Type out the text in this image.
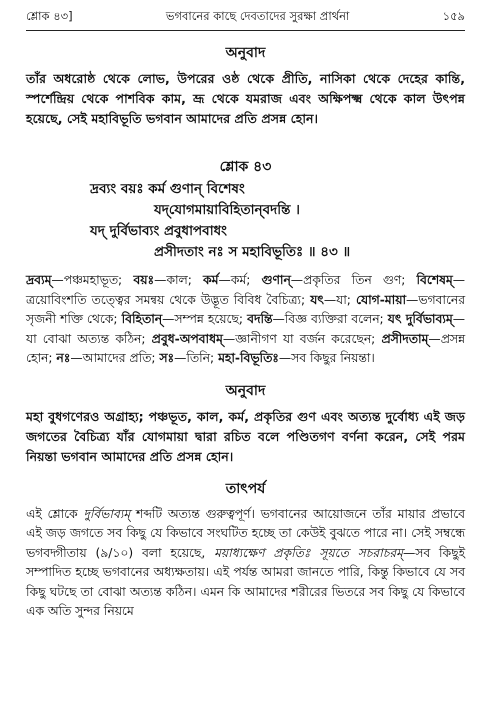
শ্লোক ৪৩]	ভগবানের কাছে দেবতাদের সুরক্ষা প্রার্থনা	১৫৯
অনুবাদ

তাঁর অধরোষ্ঠ থেকে লোভ, উপরের ওষ্ঠ থেকে প্রীতি, নাসিকা থেকে দেহের কান্তি, স্পর্শেন্দ্রিয় থেকে পাশবিক কাম, ভ্রূ থেকে যমরাজ এবং অক্ষিপক্ষ্ম থেকে কাল উৎপন্ন হয়েছে, সেই মহাবিভূতি ভগবান আমাদের প্রতি প্রসন্ন হোন।

শ্লোক ৪৩
দ্রব্যং বয়ঃ কর্ম গুণান্ বিশেষং
যদ্‌যোগমায়াবিহিতান্‌বদন্তি ।
যদ্ দুর্বিভাব্যং প্রবুধাপবাধং
প্রসীদতাং নঃ স মহাবিভূতিঃ ॥ ৪৩ ॥

দ্রব্যম্—পঞ্চমহাভূত; বয়ঃ—কাল; কর্ম—কর্ম; গুণান্—প্রকৃতির তিন গুণ; বিশেষম্—ত্রয়োবিংশতি তত্ত্বের সমন্বয় থেকে উদ্ভূত বিবিধ বৈচিত্র্য; যৎ—যা; যোগ-মায়া—ভগবানের সৃজনী শক্তি থেকে; বিহিতান্—সম্পন্ন হয়েছে; বদন্তি—বিজ্ঞ ব্যক্তিরা বলেন; যৎ দুর্বিভাব্যম্—যা বোঝা অত্যন্ত কঠিন; প্রবুধ-অপবাধম্—জ্ঞানীগণ যা বর্জন করেছেন; প্রসীদতাম্—প্রসন্ন হোন; নঃ—আমাদের প্রতি; সঃ—তিনি; মহা-বিভূতিঃ—সব কিছুর নিয়ন্তা।

অনুবাদ

মহা বুধগণেরও অগ্রাহ্য; পঞ্চভূত, কাল, কর্ম, প্রকৃতির গুণ এবং অত্যন্ত দুর্বোধ্য এই জড় জগতের বৈচিত্র্য যাঁর যোগমায়া দ্বারা রচিত বলে পণ্ডিতগণ বর্ণনা করেন, সেই পরম নিয়ন্তা ভগবান আমাদের প্রতি প্রসন্ন হোন।

তাৎপর্য

এই শ্লোকে দুর্বিভাব্যম্ শব্দটি অত্যন্ত গুরুত্বপূর্ণ। ভগবানের আয়োজনে তাঁর মায়ার প্রভাবে এই জড় জগতে সব কিছু যে কিভাবে সংঘটিত হচ্ছে তা কেউই বুঝতে পারে না। সেই সম্বন্ধে ভগবদ্গীতায় (৯/১০) বলা হয়েছে, ময়াধ্যক্ষেণ প্রকৃতিঃ সূয়তে সচরাচরম্—সব কিছুই সম্পাদিত হচ্ছে ভগবানের অধ্যক্ষতায়। এই পর্যন্ত আমরা জানতে পারি, কিন্তু কিভাবে যে সব কিছু ঘটছে তা বোঝা অত্যন্ত কঠিন। এমন কি আমাদের শরীরের ভিতরে সব কিছু যে কিভাবে এক অতি সুন্দর নিয়মে
